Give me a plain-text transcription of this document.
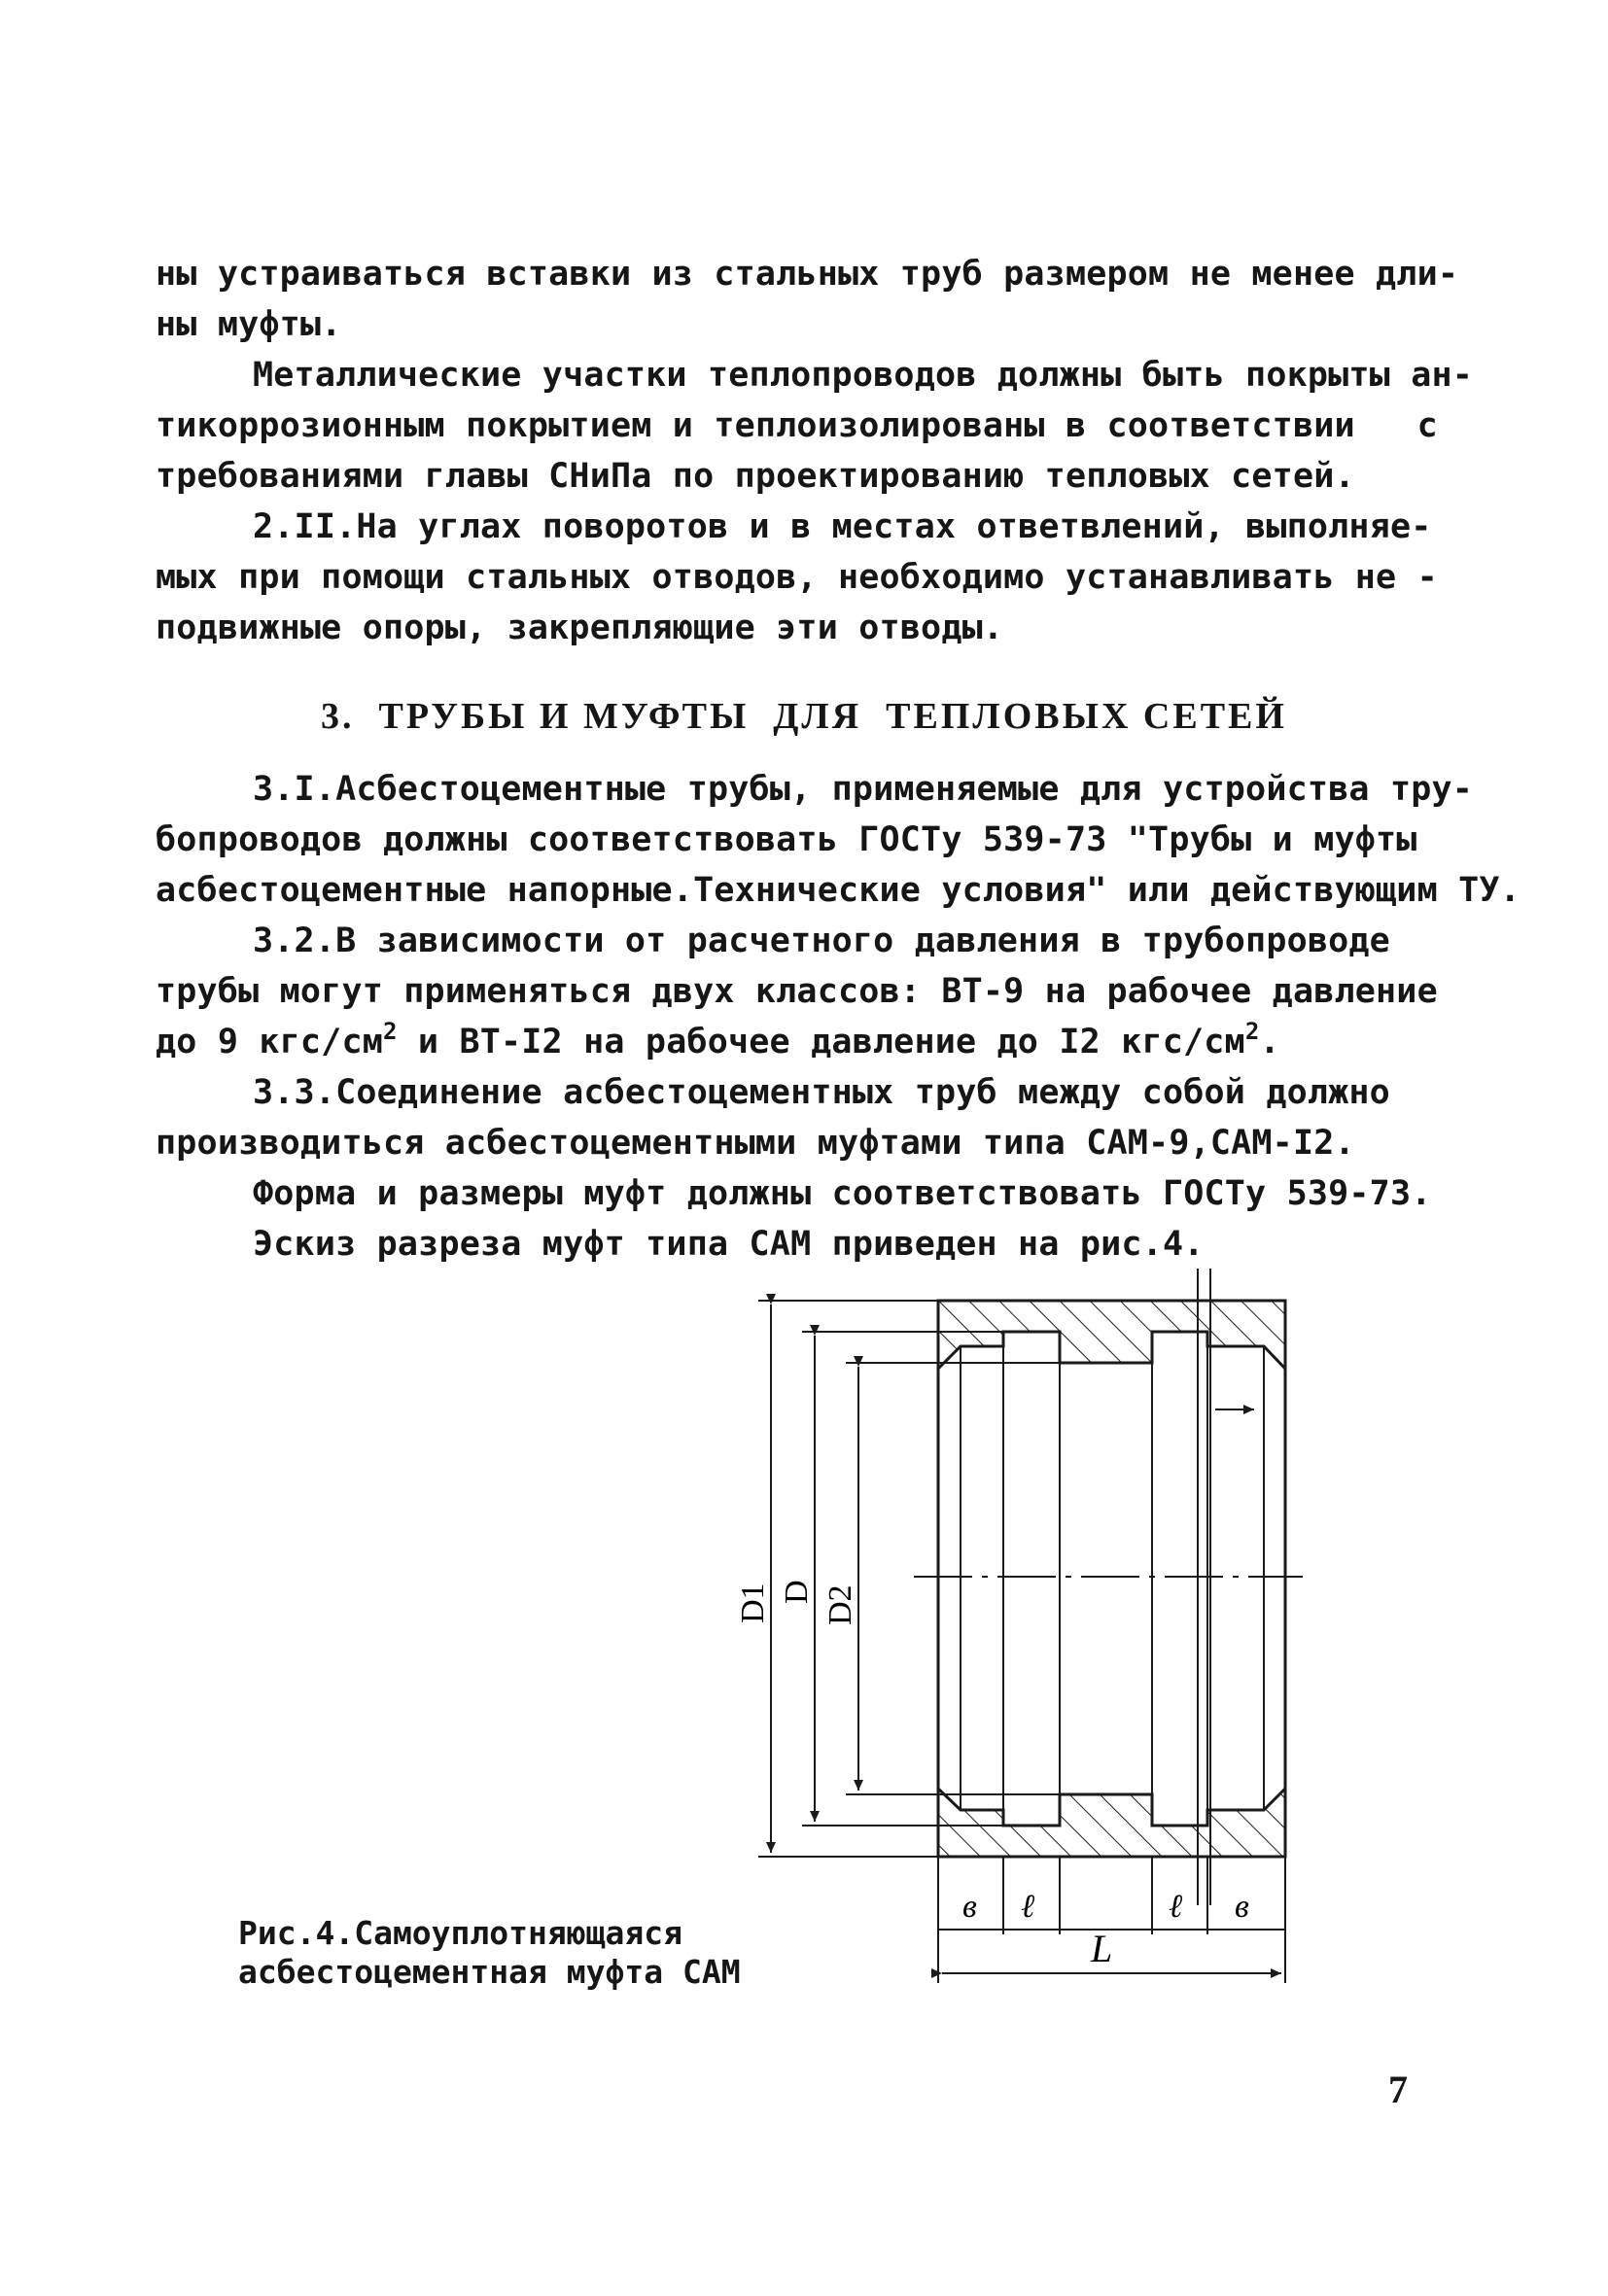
ны устраиваться вставки из стальных труб размером не менее дли-

ны муфты.

Металлические участки теплопроводов должны быть покрыты ан-

тикоррозионным покрытием и теплоизолированы в соответствии   с

требованиями главы СНиПа по проектированию тепловых сетей.

2.II.На углах поворотов и в местах ответвлений, выполняе-

мых при помощи стальных отводов, необходимо устанавливать не -

подвижные опоры, закрепляющие эти отводы.

3.  ТРУБЫ И МУФТЫ  ДЛЯ  ТЕПЛОВЫХ СЕТЕЙ

3.I.Асбестоцементные трубы, применяемые для устройства тру-

бопроводов должны соответствовать ГОСТу 539-73 "Трубы и муфты

асбестоцементные напорные.Технические условия" или действующим ТУ.

3.2.В зависимости от расчетного давления в трубопроводе

трубы могут применяться двух классов: ВТ-9 на рабочее давление

до 9 кгс/$см^2$ и ВТ-I2 на рабочее давление до I2 кгс/$см^2$.

3.3.Соединение асбестоцементных труб между собой должно

производиться асбестоцементными муфтами типа САМ-9,САМ-I2.

Форма и размеры муфт должны соответствовать ГОСТу 539-73.

Эскиз разреза муфт типа САМ приведен на рис.4.

D1 D D2
в ℓ	ℓ в
L

Рис.4.Самоуплотняющаяся

асбестоцементная муфта САМ

7
